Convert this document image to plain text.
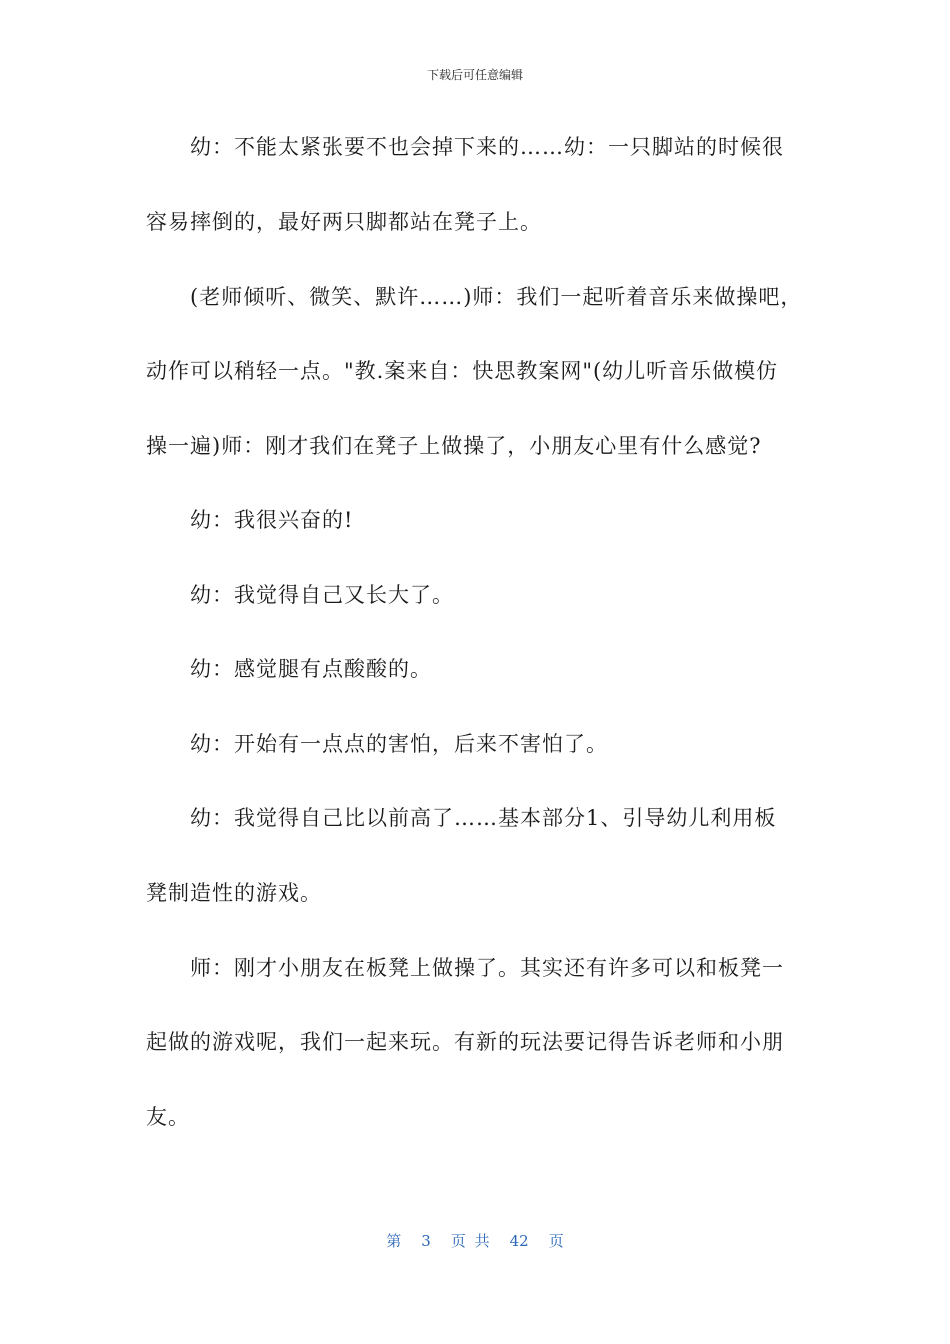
下载后可任意编辑
幼：不能太紧张要不也会掉下来的……幼：一只脚站的时候很
容易摔倒的，最好两只脚都站在凳子上。
(老师倾听、微笑、默许……)师：我们一起听着音乐来做操吧，
动作可以稍轻一点。"教.案来自：快思教案网"(幼儿听音乐做模仿
操一遍)师：刚才我们在凳子上做操了，小朋友心里有什么感觉?
幼：我很兴奋的!
幼：我觉得自己又长大了。
幼：感觉腿有点酸酸的。
幼：开始有一点点的害怕，后来不害怕了。
幼：我觉得自己比以前高了……基本部分1、引导幼儿利用板
凳制造性的游戏。
师：刚才小朋友在板凳上做操了。其实还有许多可以和板凳一
起做的游戏呢，我们一起来玩。有新的玩法要记得告诉老师和小朋
友。
第 3 页 共 42 页
